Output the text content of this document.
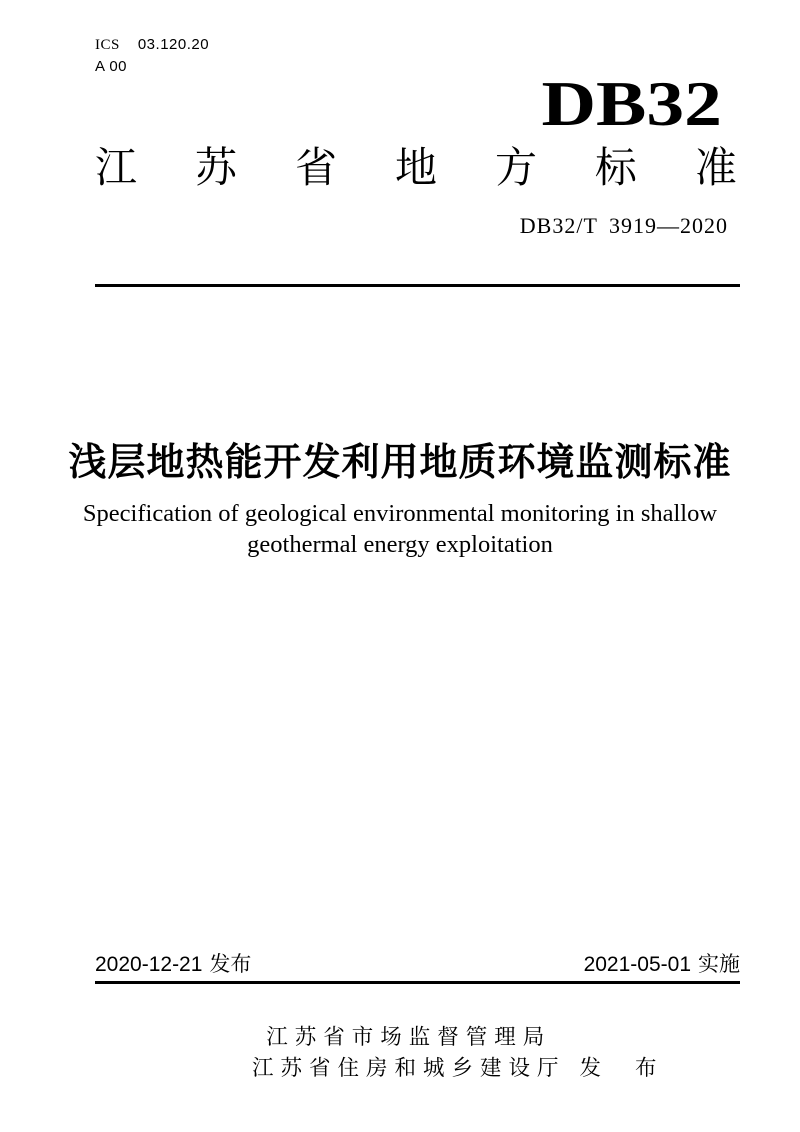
ICS 03.120.20
A 00
DB32
江 苏 省 地 方 标 准
DB32/T 3919—2020
浅层地热能开发利用地质环境监测标准
Specification of geological environmental monitoring in shallow
geothermal energy exploitation
2020-12-21 发布	2021-05-01 实施
江苏省市场监督管理局
江苏省住房和城乡建设厅 发 布
